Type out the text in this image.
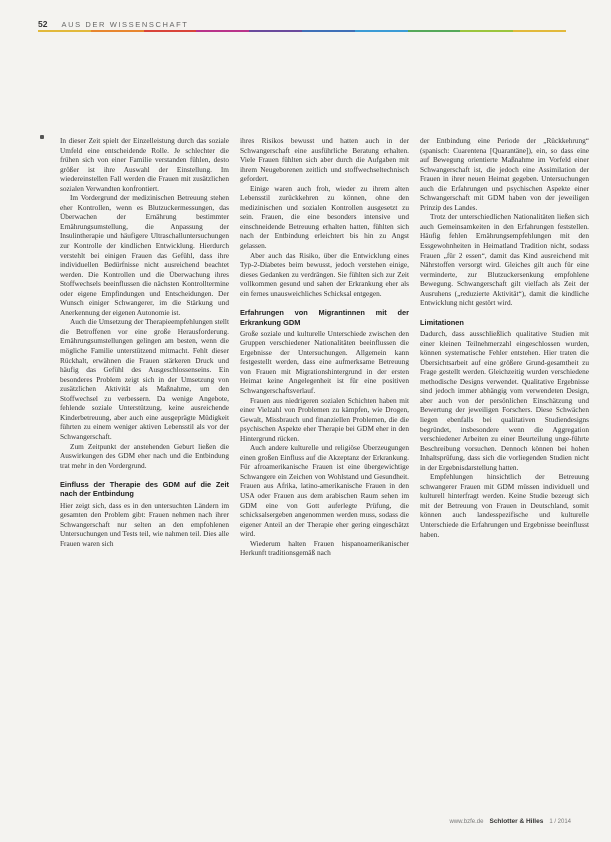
52 AUS DER WISSENSCHAFT

In dieser Zeit spielt der Einzelleistung durch das soziale Umfeld eine entscheidende Rolle. Je schlechter die frühen sich von einer Familie verstanden fühlen, desto größer ist ihre Auswahl der Einstellung. Im wiedereinstellen Fall werden die Frauen mit zusätzlichen sozialen Verwandten konfrontiert.

Im Vordergrund der medizinischen Betreuung stehen eher Kontrollen, wenn es Blutzuckermessungen, das Überwachen der Ernährung bestimmter Ernährungsumstellung, die Anpassung der Insulintherapie und häufigere Ultraschalluntersuchungen zur Kontrolle der kindlichen Entwicklung. Hierdurch verstehlt bei einigen Frauen das Gefühl, dass ihre individuellen Bedürfnisse nicht ausreichend beachtet werden. Die Kontrollen und die Überwachung ihres Stoffwechsels beeinflussen die nächsten Kontrolltermine oder eigene Empfindungen und Entscheidungen. Der Wunsch einiger Schwangerer, im die Stärkung und Anerkennung der eigenen Autonomie ist.

Auch die Umsetzung der Therapieempfehlungen stellt die Betroffenen vor eine große Herausforderung. Ernährungsumstellungen gelingen am besten, wenn die mögliche Familie unterstützend mitmacht. Fehlt dieser Rückhalt, erwähnen die Frauen stärkeren Druck und häufig das Gefühl des Ausgeschlossenseins. Ein besonderes Problem zeigt sich in der Umsetzung von zusätzlichen Aktivität als Maßnahme, um den Stoffwechsel zu verbessern. Da wenige Angebote, fehlende soziale Unterstützung, keine ausreichende Kinderbetreuung, aber auch eine ausgeprägte Müdigkeit führten zu einem weniger aktiven Lebensstil als vor der Schwangerschaft.

Zum Zeitpunkt der anstehenden Geburt ließen die Auswirkungen des GDM eher nach und die Entbindung trat mehr in den Vordergrund.

Einfluss der Therapie des GDM auf die Zeit nach der Entbindung

Hier zeigt sich, dass es in den untersuchten Ländern im gesamten den Problem gibt: Frauen nehmen nach ihrer Schwangerschaft nur selten an den empfohlenen Untersuchungen und Tests teil, wie nahmen teil. Dies alle Frauen waren sich

ihres Risikos bewusst und hatten auch in der Schwangerschaft eine ausführliche Beratung erhalten. Viele Frauen fühlten sich aber durch die Aufgaben mit ihrem Neugeborenen zeitlich und stoffwechseltechnisch gefordert.

Einige waren auch froh, wieder zu ihrem alten Lebensstil zurückkehren zu können, ohne den medizinischen und sozialen Kontrollen ausgesetzt zu sein. Frauen, die eine besonders intensive und einschneidende Betreuung erhalten hatten, fühlten sich nach der Entbindung erleichtert bis hin zu Angst gelassen.

Aber auch das Risiko, über die Entwicklung eines Typ-2-Diabetes beim bewusst, jedoch verstehen einige, dieses Gedanken zu verdrängen. Sie fühlten sich zur Zeit vollkommen gesund und sahen der Erkrankung eher als ein fernes unausweichliches Schicksal entgegen.

Erfahrungen von Migrantinnen mit der Erkrankung GDM

Große soziale und kulturelle Unterschiede zwischen den Gruppen verschiedener Nationalitäten beeinflussen die Ergebnisse der Untersuchungen. Allgemein kann festgestellt werden, dass eine aufmerksame Betreuung von Frauen mit Migrationshintergrund in der ersten Heimat keine Angelegenheit ist für eine positiven Schwangerschaftsverlauf.

Frauen aus niedrigeren sozialen Schichten haben mit einer Vielzahl von Problemen zu kämpfen, wie Drogen, Gewalt, Missbrauch und finanziellen Problemen, die die psychischen Aspekte eher Therapie bei GDM eher in den Hintergrund rücken.

Auch andere kulturelle und religiöse Überzeugungen einen großen Einfluss auf die Akzeptanz der Erkrankung. Für afroamerikanische Frauen ist eine übergewichtige Schwangere ein Zeichen von Wohlstand und Gesundheit. Frauen aus Afrika, latino-amerikanische Frauen in den USA oder Frauen aus dem arabischen Raum sehen im GDM eine von Gott auferlegte Prüfung, die schicksalsergeben angenommen werden muss, sodass die eigener Anteil an der Therapie eher gering eingeschätzt wird.

Wiederum halten Frauen hispanoamerikanischer Herkunft traditionsgemäß nach

der Entbindung eine Periode der „Rückkehrung“ (spanisch: Cuarentena [Quarantäne]), ein, so dass eine auf Bewegung orientierte Maßnahme im Vorfeld einer Schwangerschaft ist, die jedoch eine Assimilation der Frauen in ihrer neuen Heimat gegeben. Untersuchungen auch die Erfahrungen und psychischen Aspekte einer Schwangerschaft mit GDM haben von der jeweiligen Prinzip des Landes.

Trotz der unterschiedlichen Nationalitäten ließen sich auch Gemeinsamkeiten in den Erfahrungen feststellen. Häufig fehlen Ernährungsempfehlungen mit den Essgewohnheiten in Heimatland Tradition nicht, sodass Frauen „für 2 essen“, damit das Kind ausreichend mit Nährstoffen versorgt wird. Gleiches gilt auch für eine verminderte, zur Blutzuckersenkung empfohlene Bewegung. Schwangerschaft gilt vielfach als Zeit der Ausruhens („reduzierte Aktivität“), damit die kindliche Entwicklung nicht gestört wird.

Limitationen

Dadurch, dass ausschließlich qualitative Studien mit einer kleinen Teilnehmerzahl eingeschlossen wurden, können systematische Fehler entstehen. Hier traten die Übersichtsarbeit auf eine größere Grund-gesamtheit zu Frage gestellt werden. Gleichzeitig wurden verschiedene methodische Designs verwendet. Qualitative Ergebnisse sind jedoch immer abhängig vom verwendeten Design, aber auch von der persönlichen Einschätzung und Bewertung der jeweiligen Forschers. Diese Schwächen liegen ebenfalls bei qualitativen Studiendesigns begründet, insbesondere wenn die Aggregation verschiedener Arbeiten zu einer Beurteilung unge-führte Beschreibung vorsuchen. Dennoch können bei hohen Inhaltsprüfung, dass sich die vorliegenden Studien nicht in der Ergebnisdarstellung hatten.

Empfehlungen hinsichtlich der Betreuung schwangerer Frauen mit GDM müssen individuell und kulturell hinterfragt werden. Keine Studie bezeugt sich mit der Betreuung von Frauen in Deutschland, somit können auch landesspezifische und kulturelle Unterschiede die Erfahrungen und Ergebnisse beeinflusst haben.

www.bzfe.de Schlotter & Hilles 1 / 2014
